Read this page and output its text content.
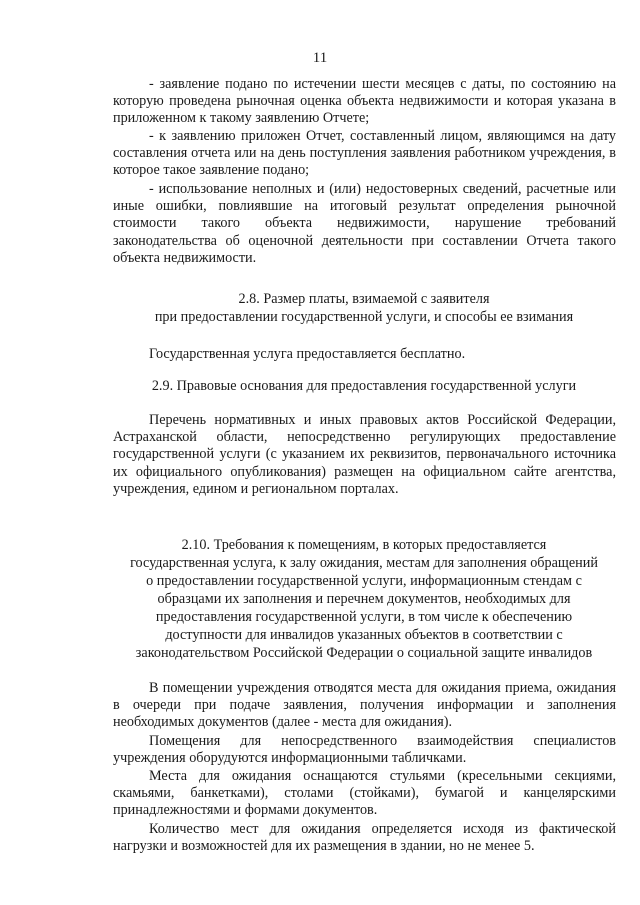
11
- заявление подано по истечении шести месяцев с даты, по состоянию на которую проведена рыночная оценка объекта недвижимости и которая указана в приложенном к такому заявлению Отчете;
- к заявлению приложен Отчет, составленный лицом, являющимся на дату составления отчета или на день поступления заявления работником учреждения, в которое такое заявление подано;
- использование неполных и (или) недостоверных сведений, расчетные или иные ошибки, повлиявшие на итоговый результат определения рыночной стоимости такого объекта недвижимости, нарушение требований законодательства об оценочной деятельности при составлении Отчета такого объекта недвижимости.
2.8. Размер платы, взимаемой с заявителя
при предоставлении государственной услуги, и способы ее взимания
Государственная услуга предоставляется бесплатно.
2.9. Правовые основания для предоставления государственной услуги
Перечень нормативных и иных правовых актов Российской Федерации, Астраханской области, непосредственно регулирующих предоставление государственной услуги (с указанием их реквизитов, первоначального источника их официального опубликования) размещен на официальном сайте агентства, учреждения, едином и региональном порталах.
2.10. Требования к помещениям, в которых предоставляется
государственная услуга, к залу ожидания, местам для заполнения обращений
о предоставлении государственной услуги, информационным стендам с
образцами их заполнения и перечнем документов, необходимых для
предоставления государственной услуги, в том числе к обеспечению
доступности для инвалидов указанных объектов в соответствии с
законодательством Российской Федерации о социальной защите инвалидов
В помещении учреждения отводятся места для ожидания приема, ожидания в очереди при подаче заявления, получения информации и заполнения необходимых документов (далее - места для ожидания).
Помещения для непосредственного взаимодействия специалистов учреждения оборудуются информационными табличками.
Места для ожидания оснащаются стульями (кресельными секциями, скамьями, банкетками), столами (стойками), бумагой и канцелярскими принадлежностями и формами документов.
Количество мест для ожидания определяется исходя из фактической нагрузки и возможностей для их размещения в здании, но не менее 5.
